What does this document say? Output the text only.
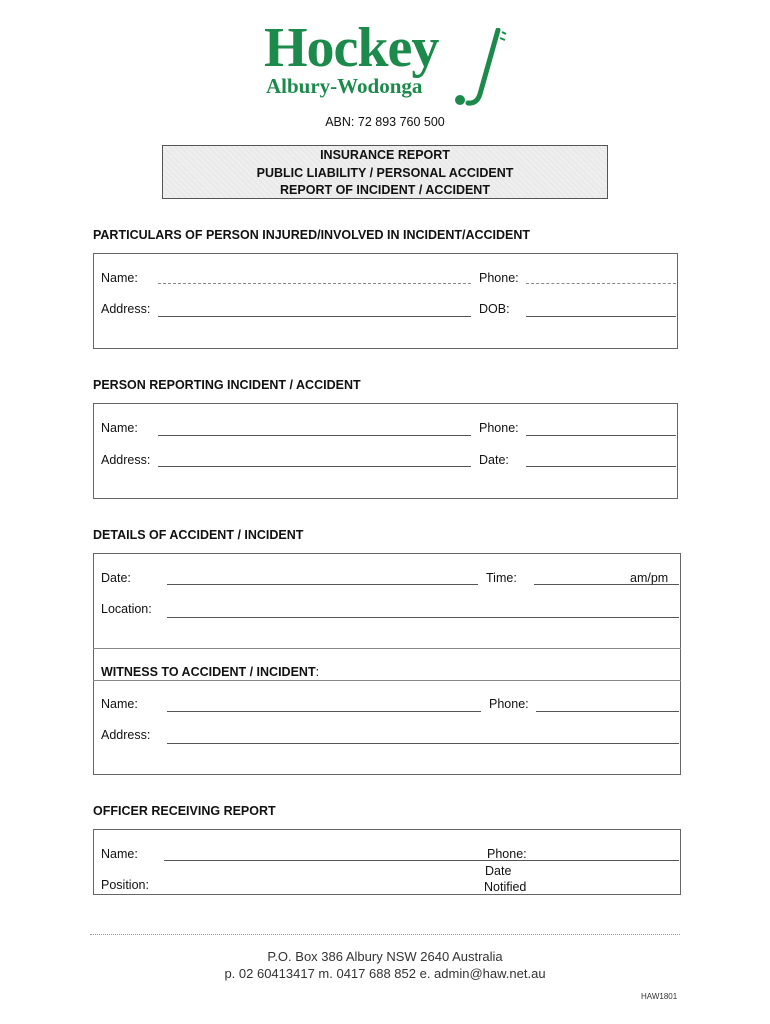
Hockey
Albury-Wodonga
ABN: 72 893 760 500
INSURANCE REPORT
PUBLIC LIABILITY / PERSONAL ACCIDENT
REPORT OF INCIDENT / ACCIDENT
PARTICULARS OF PERSON INJURED/INVOLVED IN INCIDENT/ACCIDENT
Name:	Phone:
Address:	DOB:
PERSON REPORTING INCIDENT / ACCIDENT
Name:	Phone:
Address:	Date:
DETAILS OF ACCIDENT / INCIDENT
Date:	Time:	am/pm
Location:
WITNESS TO ACCIDENT / INCIDENT:
Name:	Phone:
Address:
OFFICER RECEIVING REPORT
Name:	Phone:
Position:
Date
Notified
P.O. Box 386 Albury NSW 2640 Australia
p. 02 60413417 m. 0417 688 852 e. admin@haw.net.au
HAW1801
